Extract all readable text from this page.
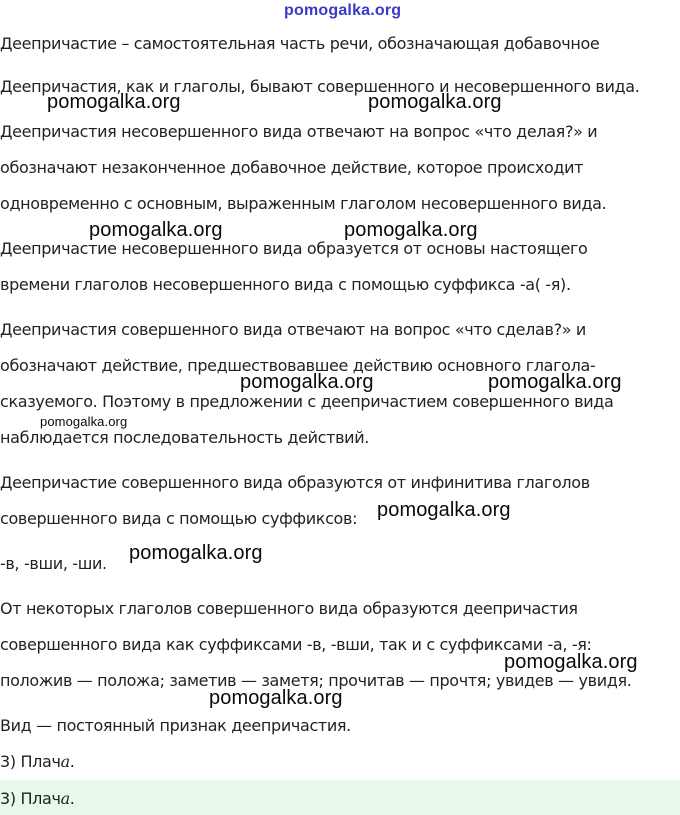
pomogalka.org
Деепричастие – самостоятельная часть речи, обозначающая добавочное
Деепричастия, как и глаголы, бывают совершенного и несовершенного вида.
Деепричастия несовершенного вида отвечают на вопрос «что делая?» и
обозначают незаконченное добавочное действие, которое происходит
одновременно с основным, выраженным глаголом несовершенного вида.
Деепричастие несовершенного вида образуется от основы настоящего
времени глаголов несовершенного вида с помощью суффикса -а( -я).
Деепричастия совершенного вида отвечают на вопрос «что сделав?» и
обозначают действие, предшествовавшее действию основного глагола-
сказуемого. Поэтому в предложении с деепричастием совершенного вида
наблюдается последовательность действий.
Деепричастие совершенного вида образуются от инфинитива глаголов
совершенного вида с помощью суффиксов:
-в, -вши, -ши.
От некоторых глаголов совершенного вида образуются деепричастия
совершенного вида как суффиксами -в, -вши, так и с суффиксами -а, -я:
положив — положа; заметив — заметя; прочитав — прочтя; увидев — увидя.
Вид — постоянный признак деепричастия.
3) Плача.
3) Плача.
pomogalka.org	pomogalka.org
pomogalka.org	pomogalka.org
pomogalka.org	pomogalka.org
pomogalka.org
pomogalka.org
pomogalka.org
pomogalka.org
pomogalka.org
